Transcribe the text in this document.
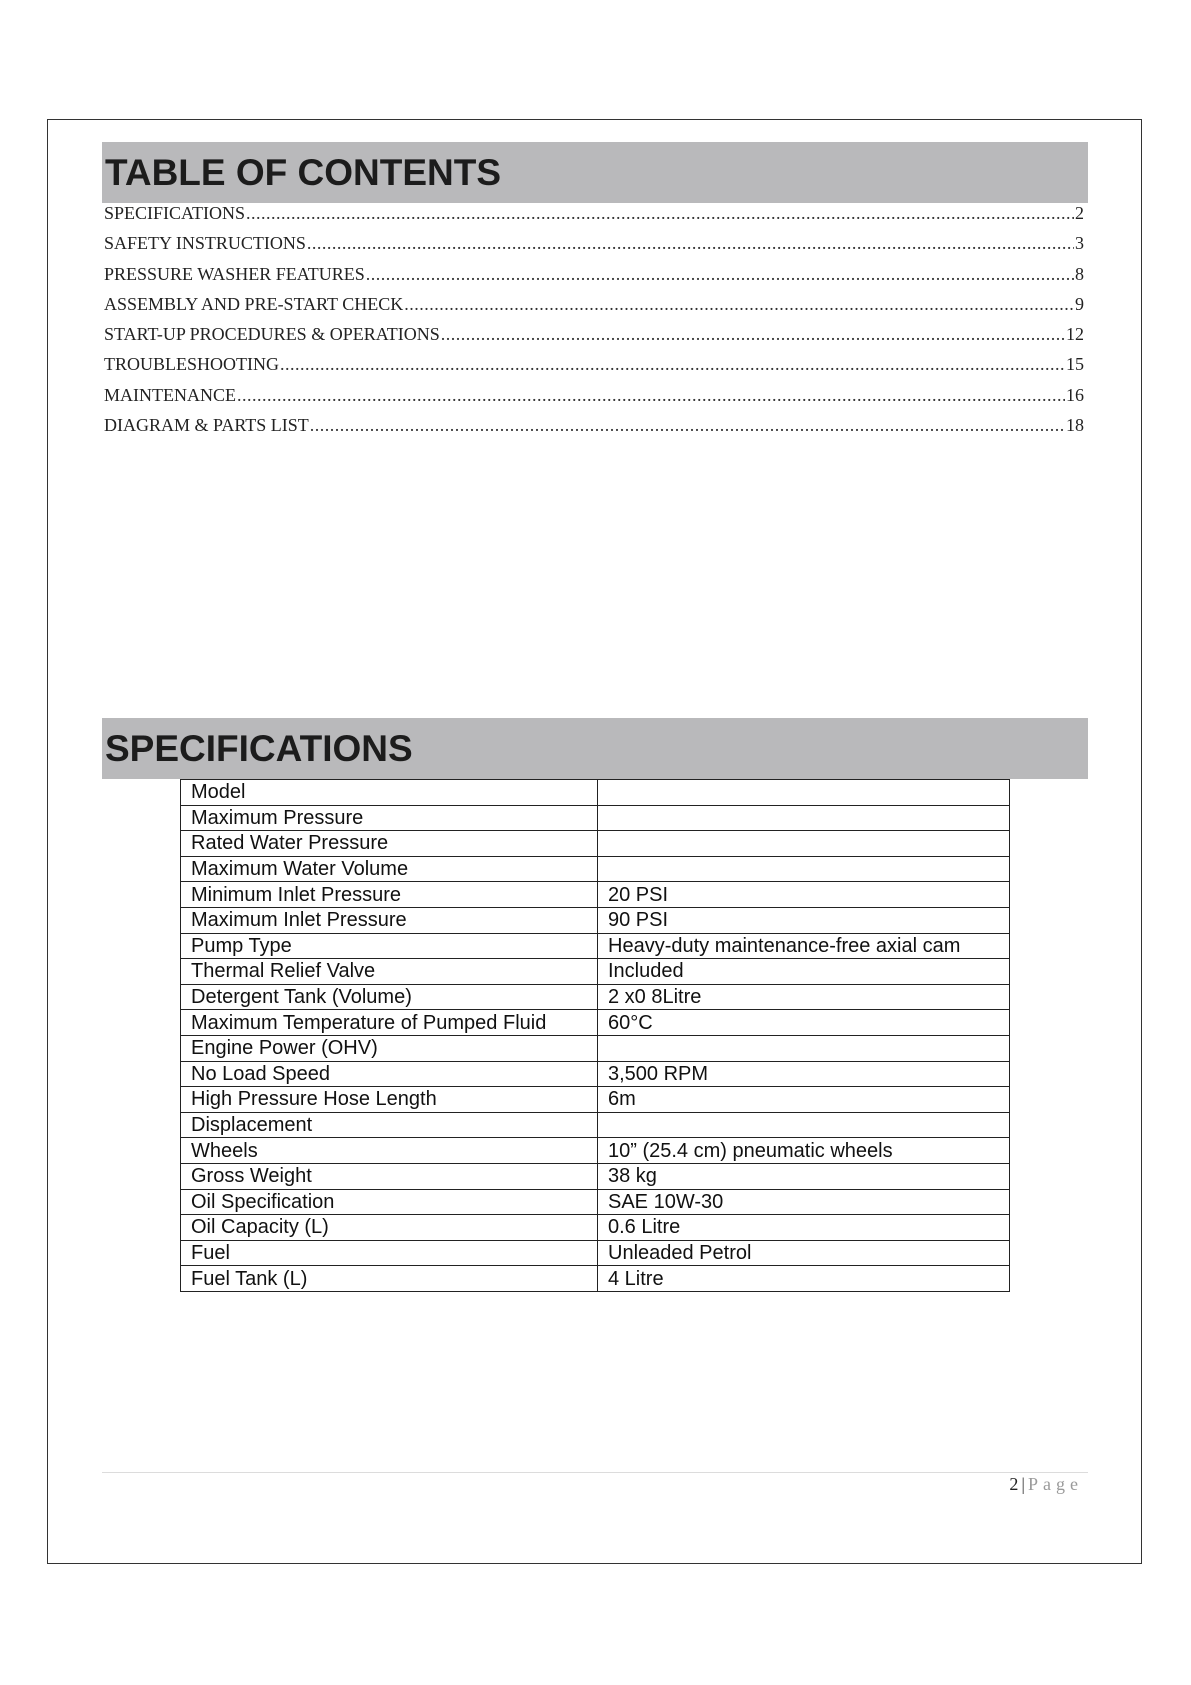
TABLE OF CONTENTS
SPECIFICATIONS .....	2
SAFETY INSTRUCTIONS .....	3
PRESSURE WASHER FEATURES .....	8
ASSEMBLY AND PRE-START CHECK .....	9
START-UP PROCEDURES & OPERATIONS .....	12
TROUBLESHOOTING .....	15
MAINTENANCE .....	16
DIAGRAM & PARTS LIST .....	18
SPECIFICATIONS
Model	
Maximum Pressure	
Rated Water Pressure	
Maximum Water Volume	
Minimum Inlet Pressure	20 PSI
Maximum Inlet Pressure	90 PSI
Pump Type	Heavy-duty maintenance-free axial cam
Thermal Relief Valve	Included
Detergent Tank (Volume)	2 x0 8Litre
Maximum Temperature of Pumped Fluid	60°C
Engine Power (OHV)	
No Load Speed	3,500 RPM
High Pressure Hose Length	6m
Displacement	
Wheels	10” (25.4 cm) pneumatic wheels
Gross Weight	38 kg
Oil Specification	SAE 10W-30
Oil Capacity (L)	0.6 Litre
Fuel	Unleaded Petrol
Fuel Tank (L)	4 Litre
2 | Page
